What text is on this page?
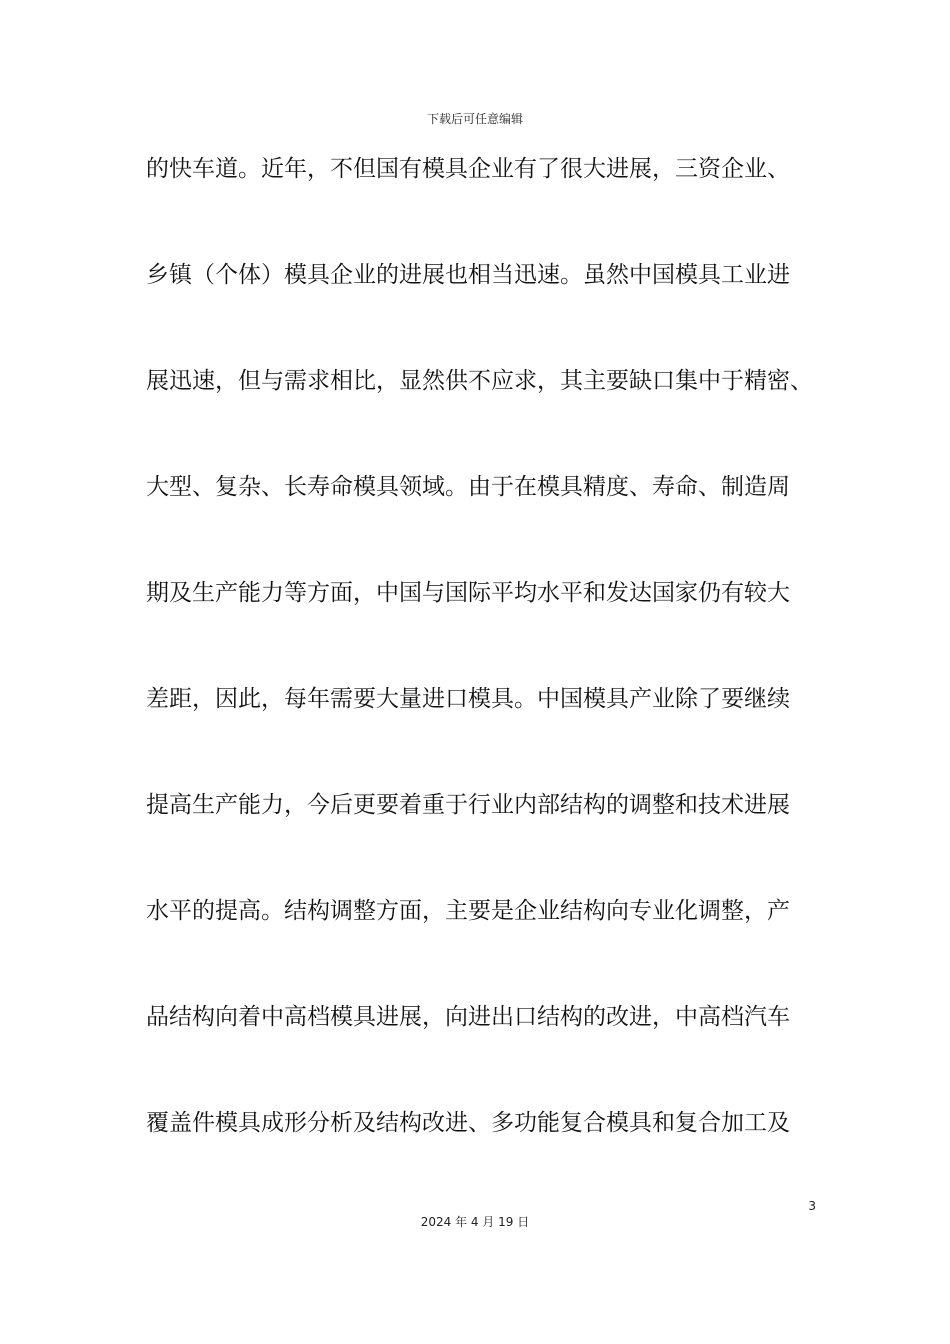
下载后可任意编辑
的快车道。近年，不但国有模具企业有了很大进展，三资企业、
乡镇（个体）模具企业的进展也相当迅速。虽然中国模具工业进
展迅速，但与需求相比，显然供不应求，其主要缺口集中于精密、
大型、复杂、长寿命模具领域。由于在模具精度、寿命、制造周
期及生产能力等方面，中国与国际平均水平和发达国家仍有较大
差距，因此，每年需要大量进口模具。中国模具产业除了要继续
提高生产能力，今后更要着重于行业内部结构的调整和技术进展
水平的提高。结构调整方面，主要是企业结构向专业化调整，产
品结构向着中高档模具进展，向进出口结构的改进，中高档汽车
覆盖件模具成形分析及结构改进、多功能复合模具和复合加工及
3
2024 年 4 月 19 日
